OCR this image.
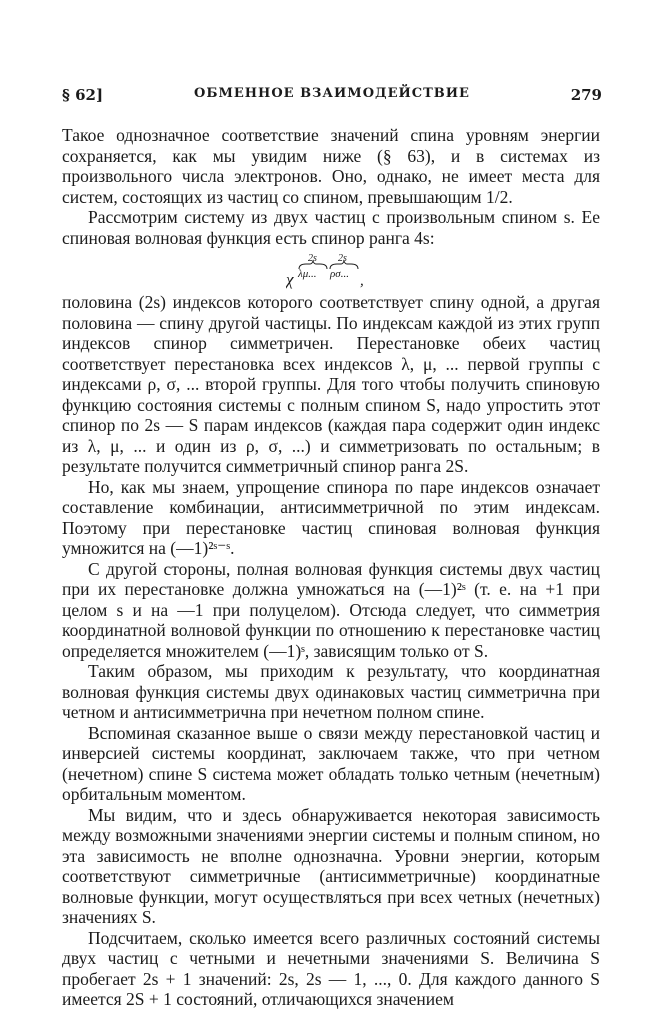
§ 62]	ОБМЕННОЕ ВЗАИМОДЕЙСТВИЕ	279

Такое однозначное соответствие значений спина уровням энергии сохраняется, как мы увидим ниже (§ 63), и в системах из произвольного числа электронов. Оно, однако, не имеет места для систем, состоящих из частиц со спином, превышающим 1/2.

Рассмотрим систему из двух частиц с произвольным спином s. Ее спиновая волновая функция есть спинор ранга 4s:

2s 2s
χ λμ... ρσ... ,

половина (2s) индексов которого соответствует спину одной, а другая половина — спину другой частицы. По индексам каждой из этих групп индексов спинор симметричен. Перестановке обеих частиц соответствует перестановка всех индексов λ, μ, ... первой группы с индексами ρ, σ, ... второй группы. Для того чтобы получить спиновую функцию состояния системы с полным спином S, надо упростить этот спинор по 2s — S парам индексов (каждая пара содержит один индекс из λ, μ, ... и один из ρ, σ, ...) и симметризовать по остальным; в результате получится симметричный спинор ранга 2S.

Но, как мы знаем, упрощение спинора по паре индексов означает составление комбинации, антисимметричной по этим индексам. Поэтому при перестановке частиц спиновая волновая функция умножится на (—1)²ˢ⁻ˢ.

С другой стороны, полная волновая функция системы двух частиц при их перестановке должна умножаться на (—1)²ˢ (т. е. на +1 при целом s и на —1 при полуцелом). Отсюда следует, что симметрия координатной волновой функции по отношению к перестановке частиц определяется множителем (—1)ˢ, зависящим только от S.

Таким образом, мы приходим к результату, что координатная волновая функция системы двух одинаковых частиц симметрична при четном и антисимметрична при нечетном полном спине.

Вспоминая сказанное выше о связи между перестановкой частиц и инверсией системы координат, заключаем также, что при четном (нечетном) спине S система может обладать только четным (нечетным) орбитальным моментом.

Мы видим, что и здесь обнаруживается некоторая зависимость между возможными значениями энергии системы и полным спином, но эта зависимость не вполне однозначна. Уровни энергии, которым соответствуют симметричные (антисимметричные) координатные волновые функции, могут осуществляться при всех четных (нечетных) значениях S.

Подсчитаем, сколько имеется всего различных состояний системы двух частиц с четными и нечетными значениями S. Величина S пробегает 2s + 1 значений: 2s, 2s — 1, ..., 0. Для каждого данного S имеется 2S + 1 состояний, отличающихся значением
